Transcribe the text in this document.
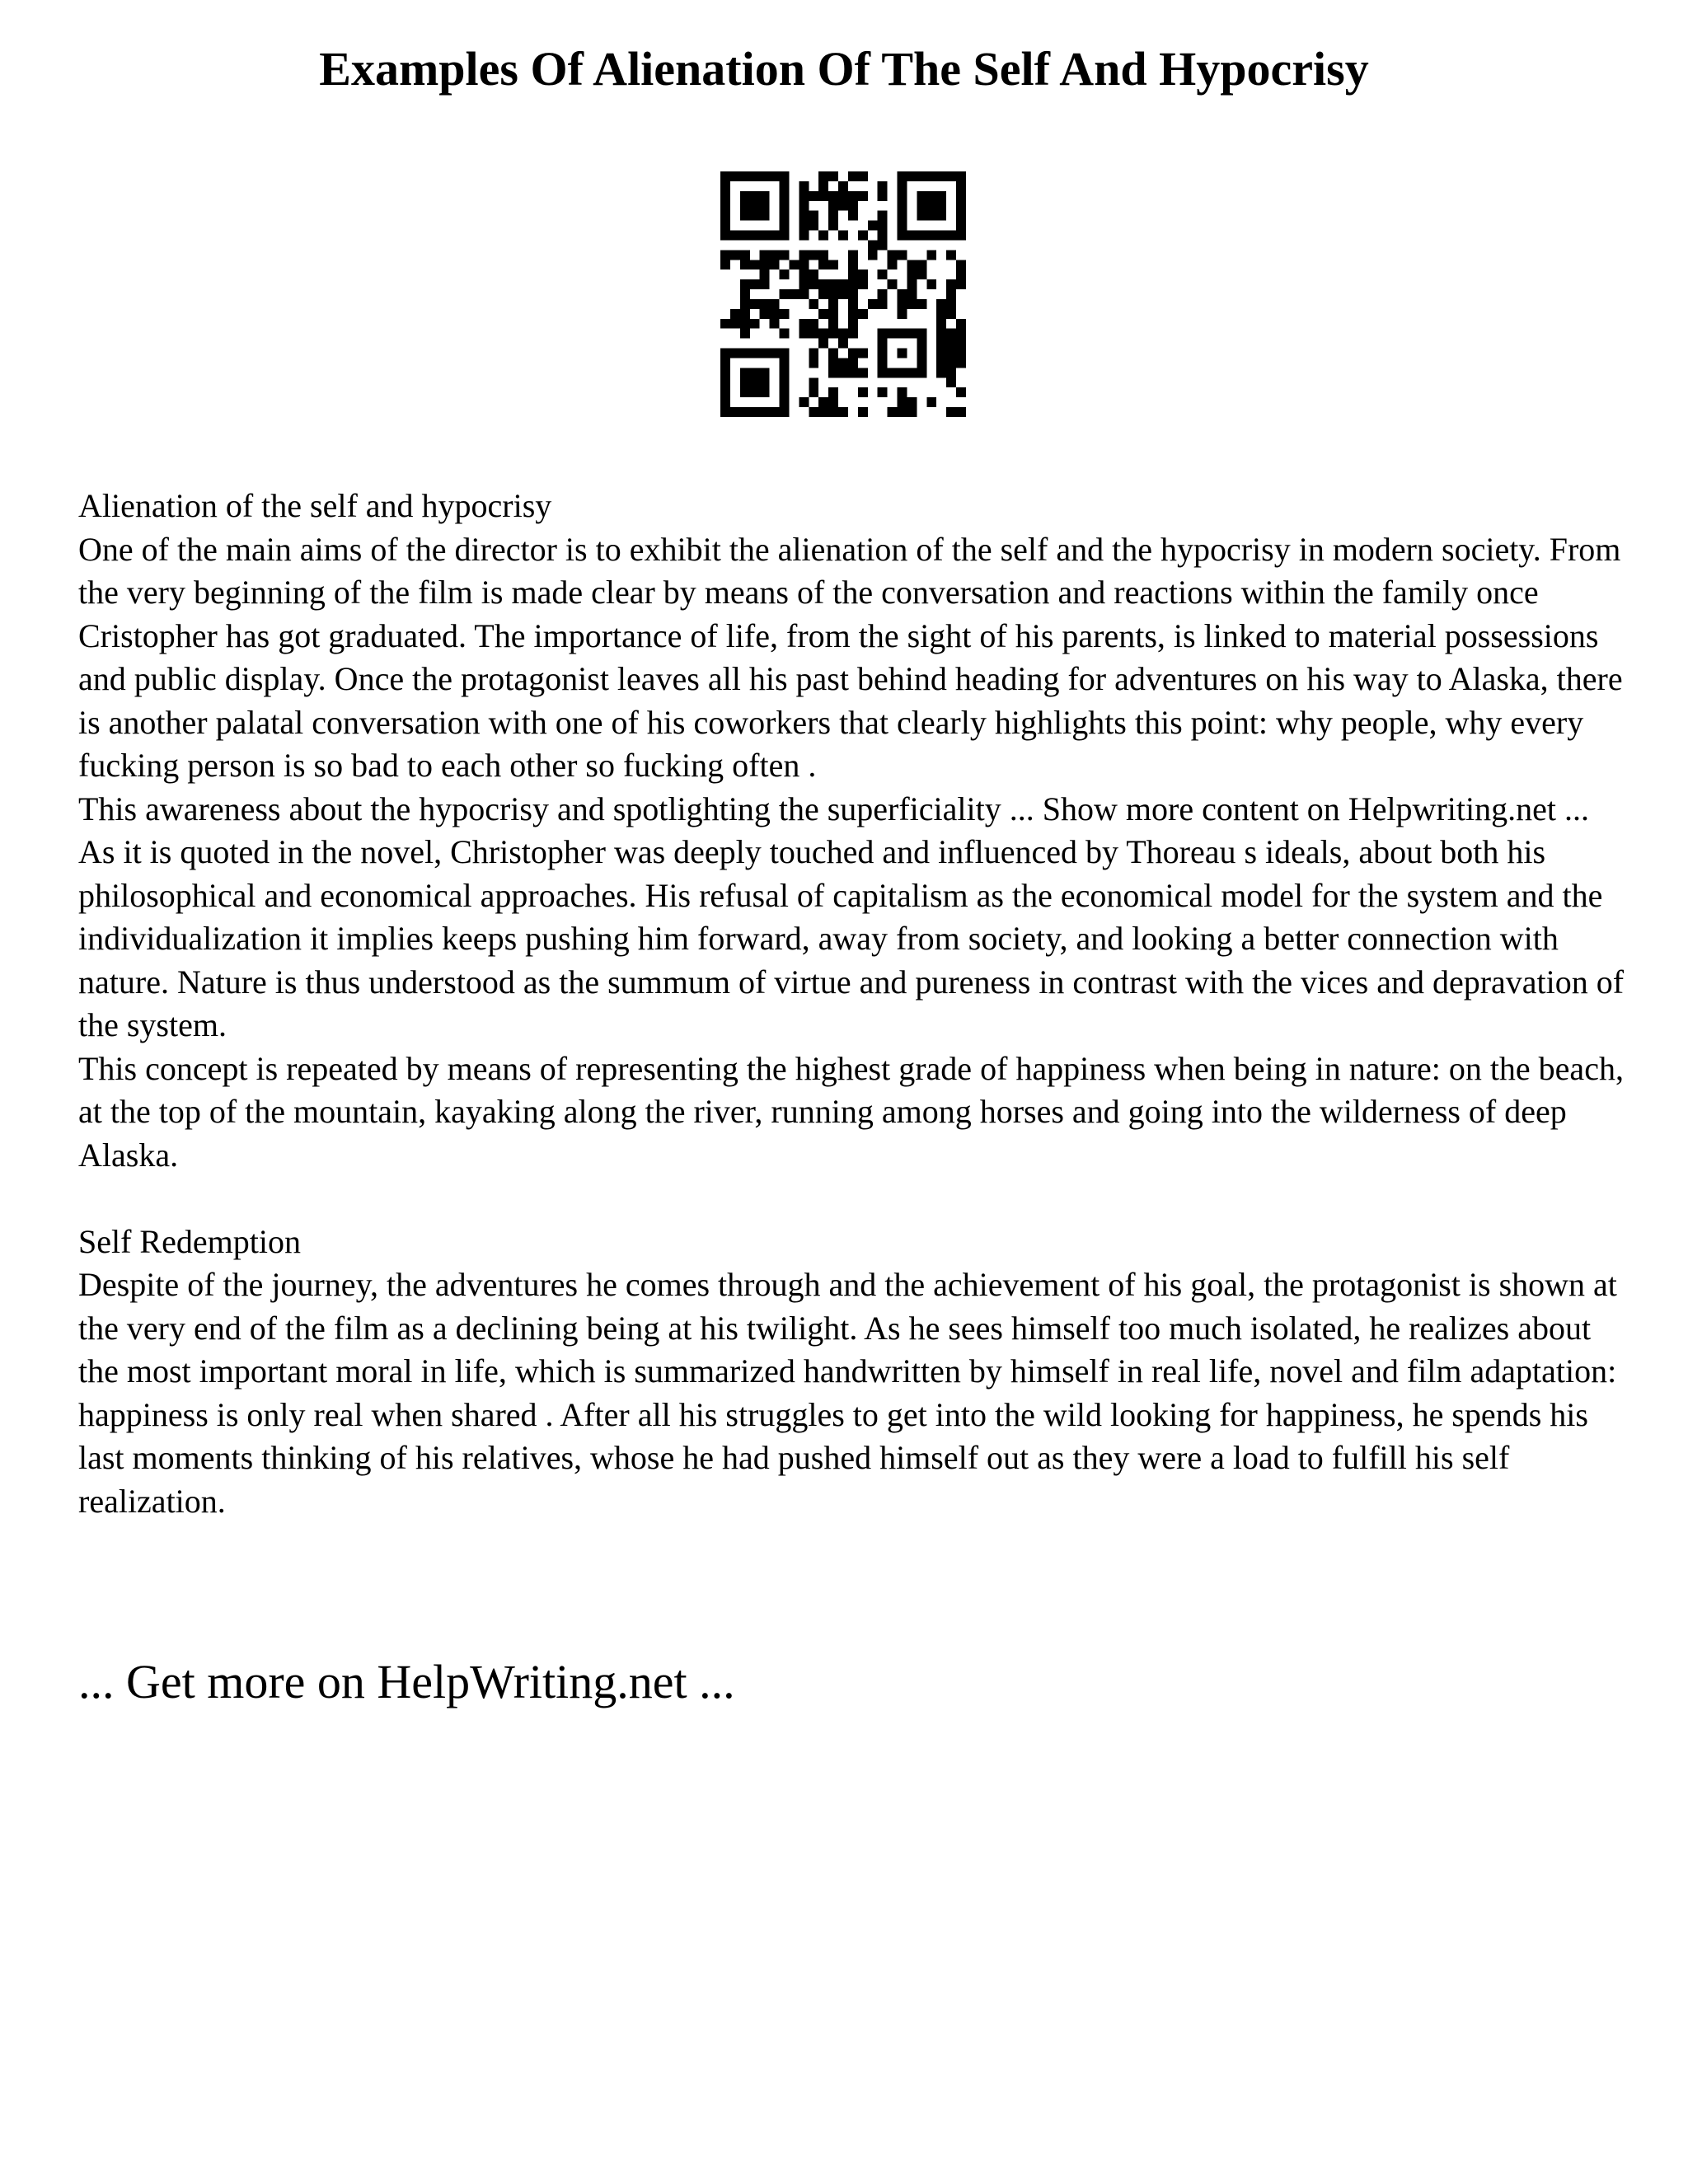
Examples Of Alienation Of The Self And Hypocrisy

Alienation of the self and hypocrisy

One of the main aims of the director is to exhibit the alienation of the self and the hypocrisy in modern society. From the very beginning of the film is made clear by means of the conversation and reactions within the family once Cristopher has got graduated. The importance of life, from the sight of his parents, is linked to material possessions and public display. Once the protagonist leaves all his past behind heading for adventures on his way to Alaska, there is another palatal conversation with one of his coworkers that clearly highlights this point: why people, why every fucking person is so bad to each other so fucking often .

This awareness about the hypocrisy and spotlighting the superficiality ... Show more content on Helpwriting.net ...

As it is quoted in the novel, Christopher was deeply touched and influenced by Thoreau s ideals, about both his philosophical and economical approaches. His refusal of capitalism as the economical model for the system and the individualization it implies keeps pushing him forward, away from society, and looking a better connection with nature. Nature is thus understood as the summum of virtue and pureness in contrast with the vices and depravation of the system.

This concept is repeated by means of representing the highest grade of happiness when being in nature: on the beach, at the top of the mountain, kayaking along the river, running among horses and going into the wilderness of deep Alaska.

Self Redemption

Despite of the journey, the adventures he comes through and the achievement of his goal, the protagonist is shown at the very end of the film as a declining being at his twilight. As he sees himself too much isolated, he realizes about the most important moral in life, which is summarized handwritten by himself in real life, novel and film adaptation: happiness is only real when shared . After all his struggles to get into the wild looking for happiness, he spends his last moments thinking of his relatives, whose he had pushed himself out as they were a load to fulfill his self realization.

... Get more on HelpWriting.net ...
